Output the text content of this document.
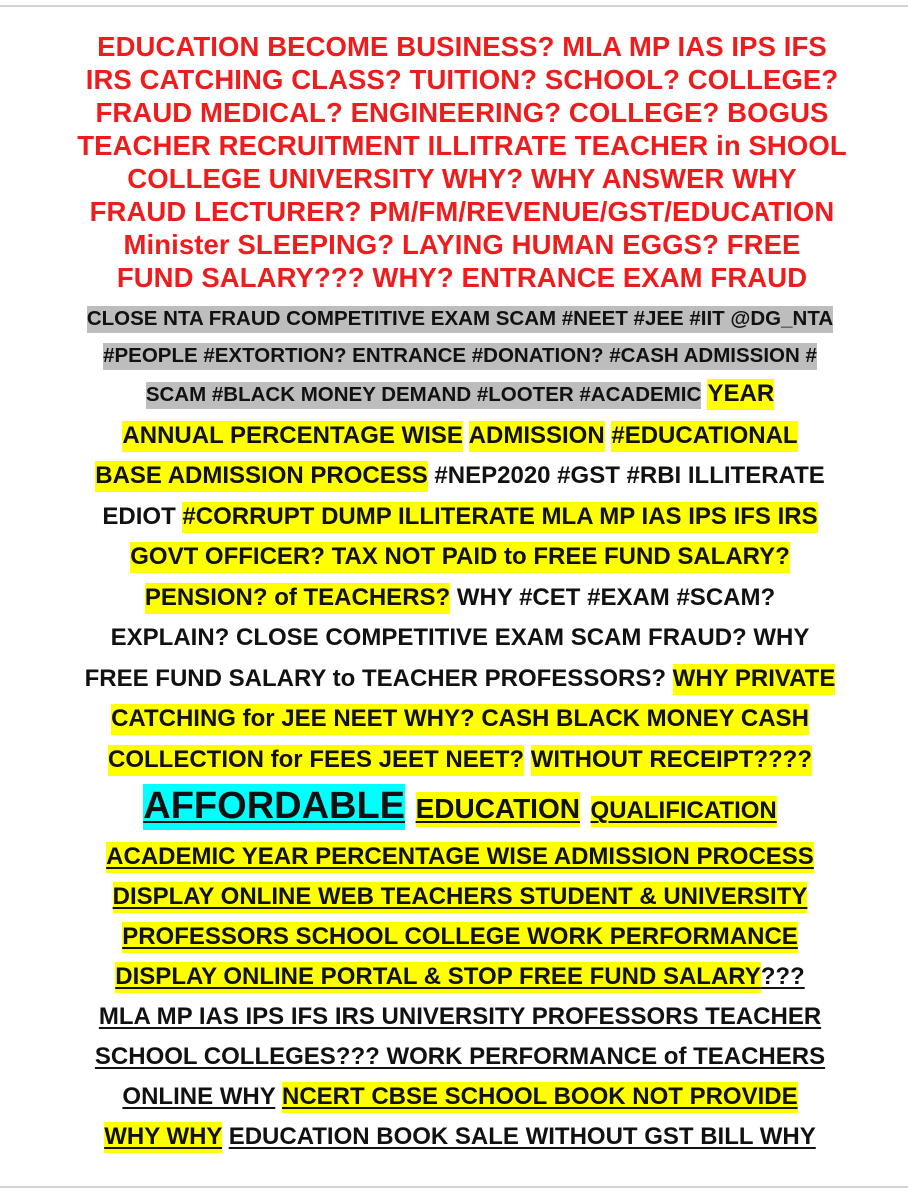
EDUCATION BECOME BUSINESS? MLA MP IAS IPS IFS

IRS CATCHING CLASS? TUITION? SCHOOL? COLLEGE?

FRAUD MEDICAL? ENGINEERING? COLLEGE? BOGUS

TEACHER RECRUITMENT ILLITRATE TEACHER in SHOOL

COLLEGE UNIVERSITY WHY? WHY ANSWER WHY

FRAUD LECTURER? PM/FM/REVENUE/GST/EDUCATION

Minister SLEEPING? LAYING HUMAN EGGS? FREE

FUND SALARY??? WHY? ENTRANCE EXAM FRAUD

CLOSE NTA FRAUD COMPETITIVE EXAM SCAM #NEET #JEE #IIT @DG_NTA

#PEOPLE #EXTORTION? ENTRANCE #DONATION? #CASH ADMISSION #

SCAM #BLACK MONEY DEMAND #LOOTER #ACADEMIC YEAR

ANNUAL PERCENTAGE WISE ADMISSION #EDUCATIONAL

BASE ADMISSION PROCESS #NEP2020 #GST #RBI ILLITERATE

EDIOT #CORRUPT DUMP ILLITERATE MLA MP IAS IPS IFS IRS

GOVT OFFICER? TAX NOT PAID to FREE FUND SALARY?

PENSION? of TEACHERS? WHY #CET #EXAM #SCAM?

EXPLAIN? CLOSE COMPETITIVE EXAM SCAM FRAUD? WHY

FREE FUND SALARY to TEACHER PROFESSORS? WHY PRIVATE

CATCHING for JEE NEET WHY? CASH BLACK MONEY CASH

COLLECTION for FEES JEET NEET? WITHOUT RECEIPT????

AFFORDABLE EDUCATION QUALIFICATION

ACADEMIC YEAR PERCENTAGE WISE ADMISSION PROCESS

DISPLAY ONLINE WEB TEACHERS STUDENT & UNIVERSITY

PROFESSORS SCHOOL COLLEGE WORK PERFORMANCE

DISPLAY ONLINE PORTAL & STOP FREE FUND SALARY???

MLA MP IAS IPS IFS IRS UNIVERSITY PROFESSORS TEACHER

SCHOOL COLLEGES??? WORK PERFORMANCE of TEACHERS

ONLINE WHY NCERT CBSE SCHOOL BOOK NOT PROVIDE

WHY WHY EDUCATION BOOK SALE WITHOUT GST BILL WHY
